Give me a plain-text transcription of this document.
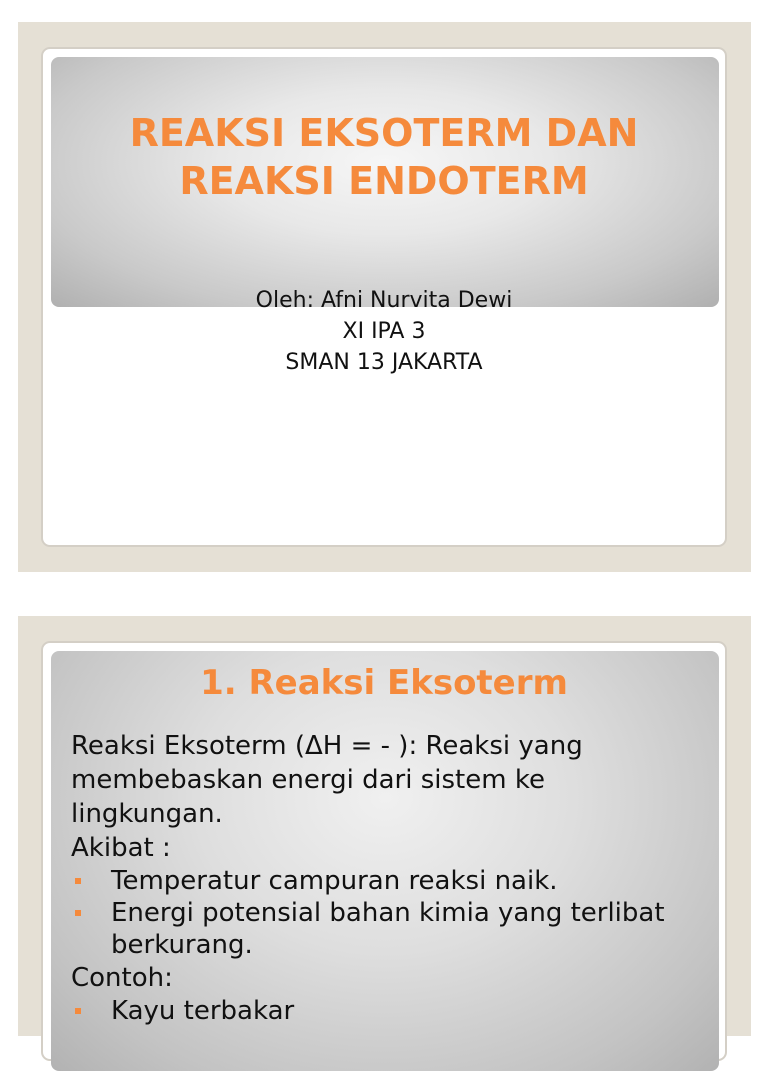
REAKSI EKSOTERM DAN
REAKSI ENDOTERM
Oleh: Afni Nurvita Dewi
XI IPA 3
SMAN 13 JAKARTA
1. Reaksi Eksoterm

Reaksi Eksoterm (ΔH = - ): Reaksi yang membebaskan energi dari sistem ke lingkungan.

Akibat :

Temperatur campuran reaksi naik.
Energi potensial bahan kimia yang terlibat berkurang.

Contoh:

Kayu terbakar
